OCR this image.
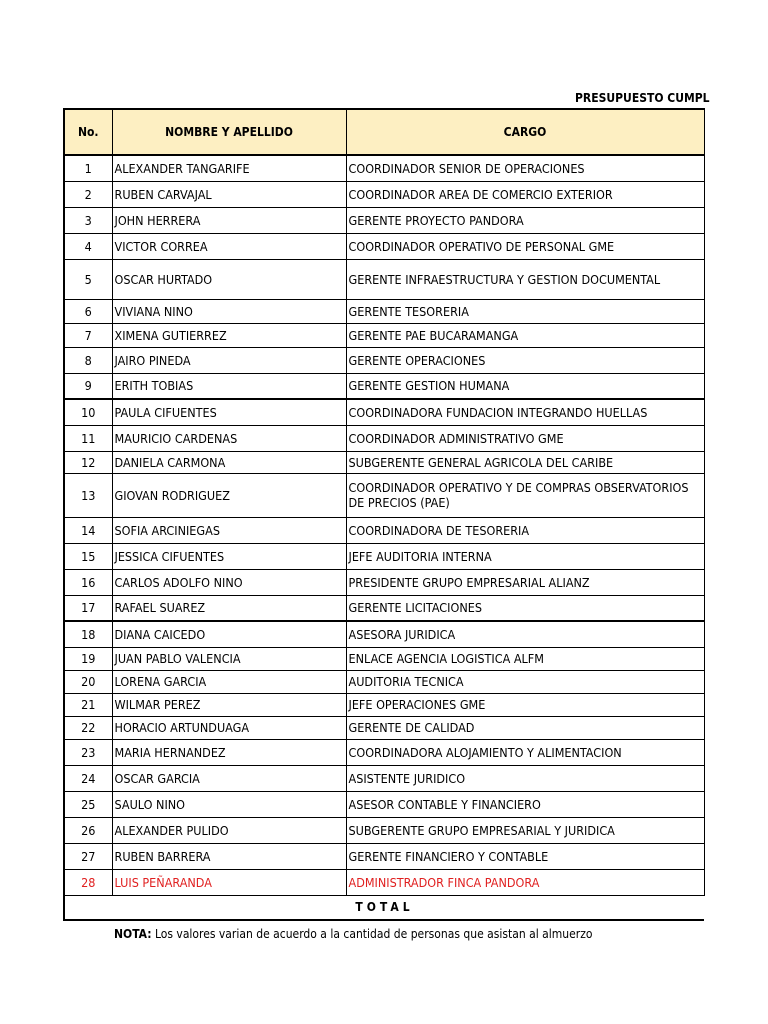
PRESUPUESTO CUMPL
No.	NOMBRE Y APELLIDO	CARGO
1	ALEXANDER TANGARIFE	COORDINADOR SENIOR DE OPERACIONES
2	RUBEN CARVAJAL	COORDINADOR AREA DE COMERCIO EXTERIOR
3	JOHN HERRERA	GERENTE PROYECTO PANDORA
4	VICTOR CORREA	COORDINADOR OPERATIVO DE PERSONAL GME
5	OSCAR HURTADO	GERENTE INFRAESTRUCTURA Y GESTION DOCUMENTAL
6	VIVIANA NINO	GERENTE TESORERIA
7	XIMENA GUTIERREZ	GERENTE PAE BUCARAMANGA
8	JAIRO PINEDA	GERENTE OPERACIONES
9	ERITH TOBIAS	GERENTE GESTION HUMANA
10	PAULA CIFUENTES	COORDINADORA FUNDACION INTEGRANDO HUELLAS
11	MAURICIO CARDENAS	COORDINADOR ADMINISTRATIVO GME
12	DANIELA CARMONA	SUBGERENTE GENERAL AGRICOLA DEL CARIBE
13	GIOVAN RODRIGUEZ	COORDINADOR OPERATIVO Y DE COMPRAS OBSERVATORIOS DE PRECIOS (PAE)
14	SOFIA ARCINIEGAS	COORDINADORA DE TESORERIA
15	JESSICA CIFUENTES	JEFE AUDITORIA INTERNA
16	CARLOS ADOLFO NINO	PRESIDENTE GRUPO EMPRESARIAL ALIANZ
17	RAFAEL SUAREZ	GERENTE LICITACIONES
18	DIANA CAICEDO	ASESORA JURIDICA
19	JUAN PABLO VALENCIA	ENLACE AGENCIA LOGISTICA ALFM
20	LORENA GARCIA	AUDITORIA TECNICA
21	WILMAR PEREZ	JEFE OPERACIONES GME
22	HORACIO ARTUNDUAGA	GERENTE DE CALIDAD
23	MARIA HERNANDEZ	COORDINADORA ALOJAMIENTO Y ALIMENTACION
24	OSCAR GARCIA	ASISTENTE JURIDICO
25	SAULO NINO	ASESOR CONTABLE Y FINANCIERO
26	ALEXANDER PULIDO	SUBGERENTE GRUPO EMPRESARIAL Y JURIDICA
27	RUBEN BARRERA	GERENTE FINANCIERO Y CONTABLE
28	LUIS PEÑARANDA	ADMINISTRADOR FINCA PANDORA
TOTAL		
NOTA: Los valores varian de acuerdo a la cantidad de personas que asistan al almuerzo
